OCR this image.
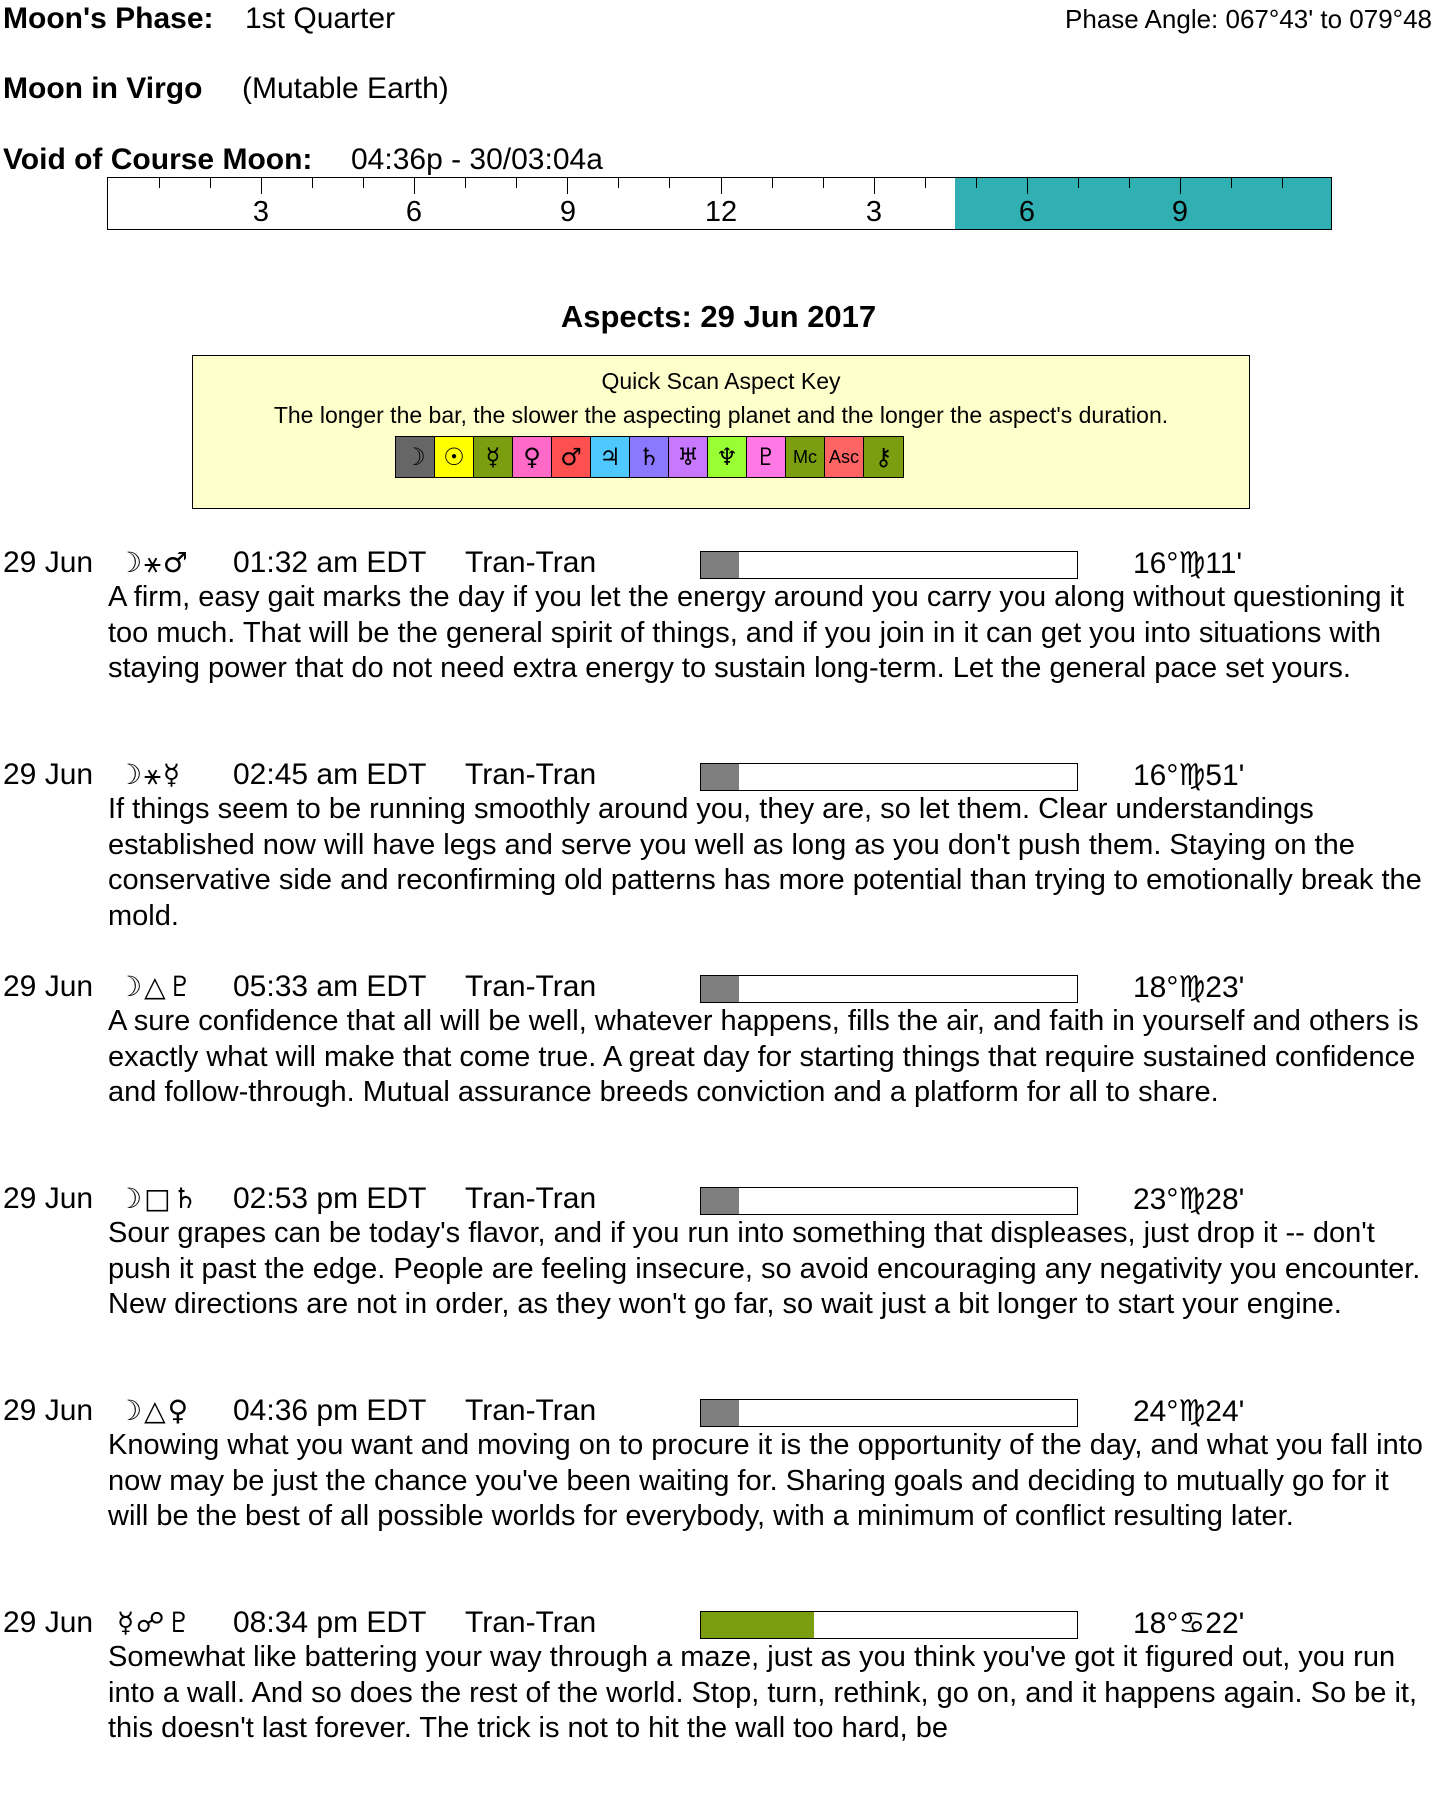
Moon's Phase: 1st Quarter	Phase Angle: 067°43' to 079°48
Moon in Virgo (Mutable Earth)
Void of Course Moon: 04:36p - 30/03:04a
3	6	9	12	3	6	9
Aspects: 29 Jun 2017
Quick Scan Aspect Key
The longer the bar, the slower the aspecting planet and the longer the aspect's duration.
☽ ☉ ☿ ♀ ♂ ♃ ♄ ♅ ♆ ♇ Mc Asc ⚷
29 Jun ☽⚹♂ 01:32 am EDT Tran-Tran	16°♍11'
A firm, easy gait marks the day if you let the energy around you carry you along without questioning it too much. That will be the general spirit of things, and if you join in it can get you into situations with staying power that do not need extra energy to sustain long-term. Let the general pace set yours.
29 Jun ☽⚹☿ 02:45 am EDT Tran-Tran	16°♍51'
If things seem to be running smoothly around you, they are, so let them. Clear understandings established now will have legs and serve you well as long as you don't push them. Staying on the conservative side and reconfirming old patterns has more potential than trying to emotionally break the mold.
29 Jun ☽△♇ 05:33 am EDT Tran-Tran	18°♍23'
A sure confidence that all will be well, whatever happens, fills the air, and faith in yourself and others is exactly what will make that come true. A great day for starting things that require sustained confidence and follow-through. Mutual assurance breeds conviction and a platform for all to share.
29 Jun ☽□♄ 02:53 pm EDT Tran-Tran	23°♍28'
Sour grapes can be today's flavor, and if you run into something that displeases, just drop it -- don't push it past the edge. People are feeling insecure, so avoid encouraging any negativity you encounter. New directions are not in order, as they won't go far, so wait just a bit longer to start your engine.
29 Jun ☽△♀ 04:36 pm EDT Tran-Tran	24°♍24'
Knowing what you want and moving on to procure it is the opportunity of the day, and what you fall into now may be just the chance you've been waiting for. Sharing goals and deciding to mutually go for it will be the best of all possible worlds for everybody, with a minimum of conflict resulting later.
29 Jun ☿☍♇ 08:34 pm EDT Tran-Tran	18°♋22'
Somewhat like battering your way through a maze, just as you think you've got it figured out, you run into a wall. And so does the rest of the world. Stop, turn, rethink, go on, and it happens again. So be it, this doesn't last forever. The trick is not to hit the wall too hard, be
